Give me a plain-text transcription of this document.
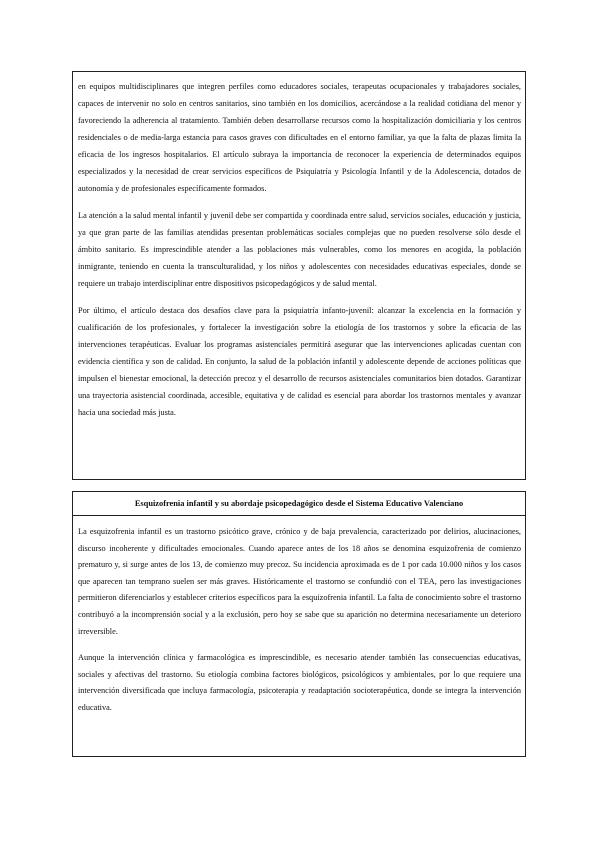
en equipos multidisciplinares que integren perfiles como educadores sociales, terapeutas ocupacionales y trabajadores sociales, capaces de intervenir no solo en centros sanitarios, sino también en los domicilios, acercándose a la realidad cotidiana del menor y favoreciendo la adherencia al tratamiento. También deben desarrollarse recursos como la hospitalización domiciliaria y los centros residenciales o de media-larga estancia para casos graves con dificultades en el entorno familiar, ya que la falta de plazas limita la eficacia de los ingresos hospitalarios. El artículo subraya la importancia de reconocer la experiencia de determinados equipos especializados y la necesidad de crear servicios específicos de Psiquiatría y Psicología Infantil y de la Adolescencia, dotados de autonomía y de profesionales específicamente formados.

La atención a la salud mental infantil y juvenil debe ser compartida y coordinada entre salud, servicios sociales, educación y justicia, ya que gran parte de las familias atendidas presentan problemáticas sociales complejas que no pueden resolverse sólo desde el ámbito sanitario. Es imprescindible atender a las poblaciones más vulnerables, como los menores en acogida, la población inmigrante, teniendo en cuenta la transculturalidad, y los niños y adolescentes con necesidades educativas especiales, donde se requiere un trabajo interdisciplinar entre dispositivos psicopedagógicos y de salud mental.

Por último, el artículo destaca dos desafíos clave para la psiquiatría infanto-juvenil: alcanzar la excelencia en la formación y cualificación de los profesionales, y fortalecer la investigación sobre la etiología de los trastornos y sobre la eficacia de las intervenciones terapéuticas. Evaluar los programas asistenciales permitirá asegurar que las intervenciones aplicadas cuentan con evidencia científica y son de calidad. En conjunto, la salud de la población infantil y adolescente depende de acciones políticas que impulsen el bienestar emocional, la detección precoz y el desarrollo de recursos asistenciales comunitarios bien dotados. Garantizar una trayectoria asistencial coordinada, accesible, equitativa y de calidad es esencial para abordar los trastornos mentales y avanzar hacia una sociedad más justa.

Esquizofrenia infantil y su abordaje psicopedagógico desde el Sistema Educativo Valenciano

La esquizofrenia infantil es un trastorno psicótico grave, crónico y de baja prevalencia, caracterizado por delirios, alucinaciones, discurso incoherente y dificultades emocionales. Cuando aparece antes de los 18 años se denomina esquizofrenia de comienzo prematuro y, si surge antes de los 13, de comienzo muy precoz. Su incidencia aproximada es de 1 por cada 10.000 niños y los casos que aparecen tan temprano suelen ser más graves. Históricamente el trastorno se confundió con el TEA, pero las investigaciones permitieron diferenciarlos y establecer criterios específicos para la esquizofrenia infantil. La falta de conocimiento sobre el trastorno contribuyó a la incomprensión social y a la exclusión, pero hoy se sabe que su aparición no determina necesariamente un deterioro irreversible.

Aunque la intervención clínica y farmacológica es imprescindible, es necesario atender también las consecuencias educativas, sociales y afectivas del trastorno. Su etiología combina factores biológicos, psicológicos y ambientales, por lo que requiere una intervención diversificada que incluya farmacología, psicoterapia y readaptación socioterapéutica, donde se integra la intervención educativa.
